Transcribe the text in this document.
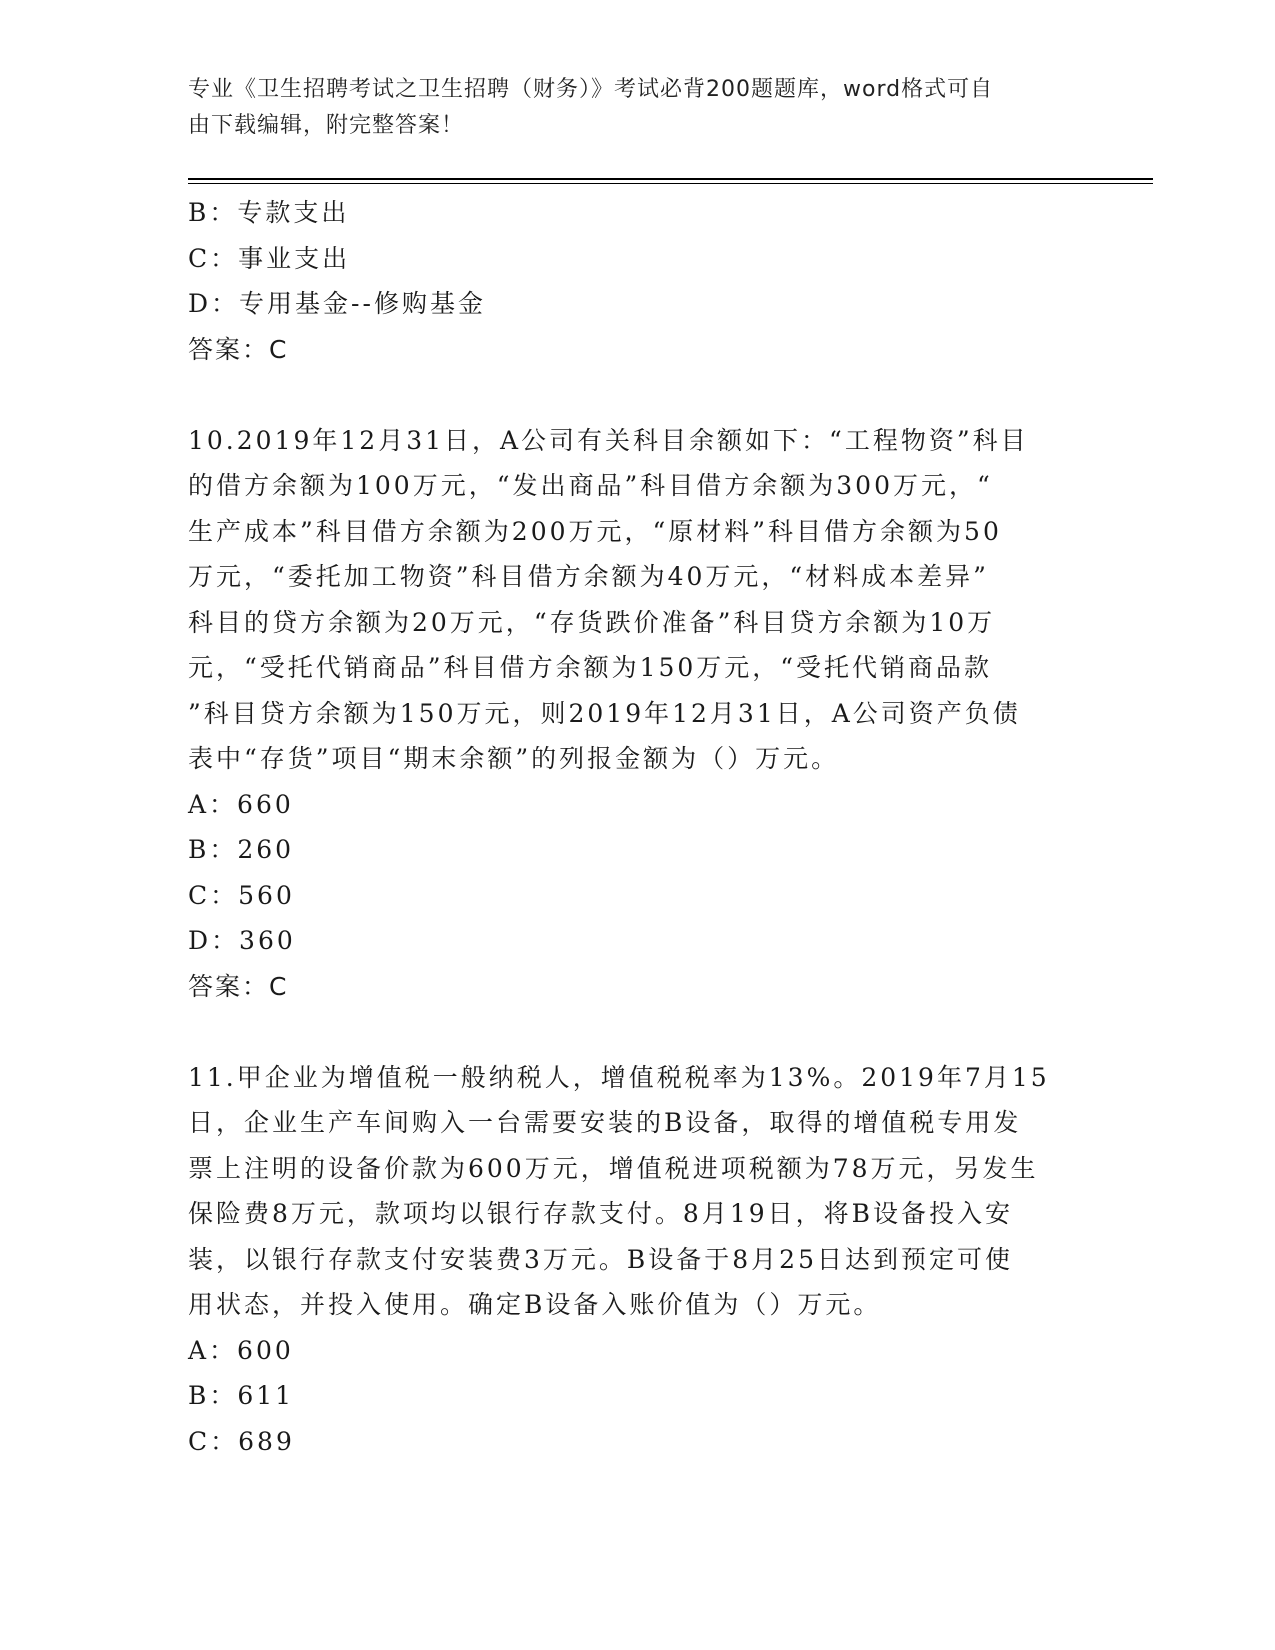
专业《卫生招聘考试之卫生招聘（财务）》考试必背200题题库，word格式可自
由下载编辑，附完整答案！
B：专款支出
C：事业支出
D：专用基金--修购基金
答案：C
10.2019年12月31日，A公司有关科目余额如下：“工程物资”科目
的借方余额为100万元，“发出商品”科目借方余额为300万元，“
生产成本”科目借方余额为200万元，“原材料”科目借方余额为50
万元，“委托加工物资”科目借方余额为40万元，“材料成本差异”
科目的贷方余额为20万元，“存货跌价准备”科目贷方余额为10万
元，“受托代销商品”科目借方余额为150万元，“受托代销商品款
”科目贷方余额为150万元，则2019年12月31日，A公司资产负债
表中“存货”项目“期末余额”的列报金额为（）万元。
A：660
B：260
C：560
D：360
答案：C
11.甲企业为增值税一般纳税人，增值税税率为13%。2019年7月15
日，企业生产车间购入一台需要安装的B设备，取得的增值税专用发
票上注明的设备价款为600万元，增值税进项税额为78万元，另发生
保险费8万元，款项均以银行存款支付。8月19日，将B设备投入安
装，以银行存款支付安装费3万元。B设备于8月25日达到预定可使
用状态，并投入使用。确定B设备入账价值为（）万元。
A：600
B：611
C：689
